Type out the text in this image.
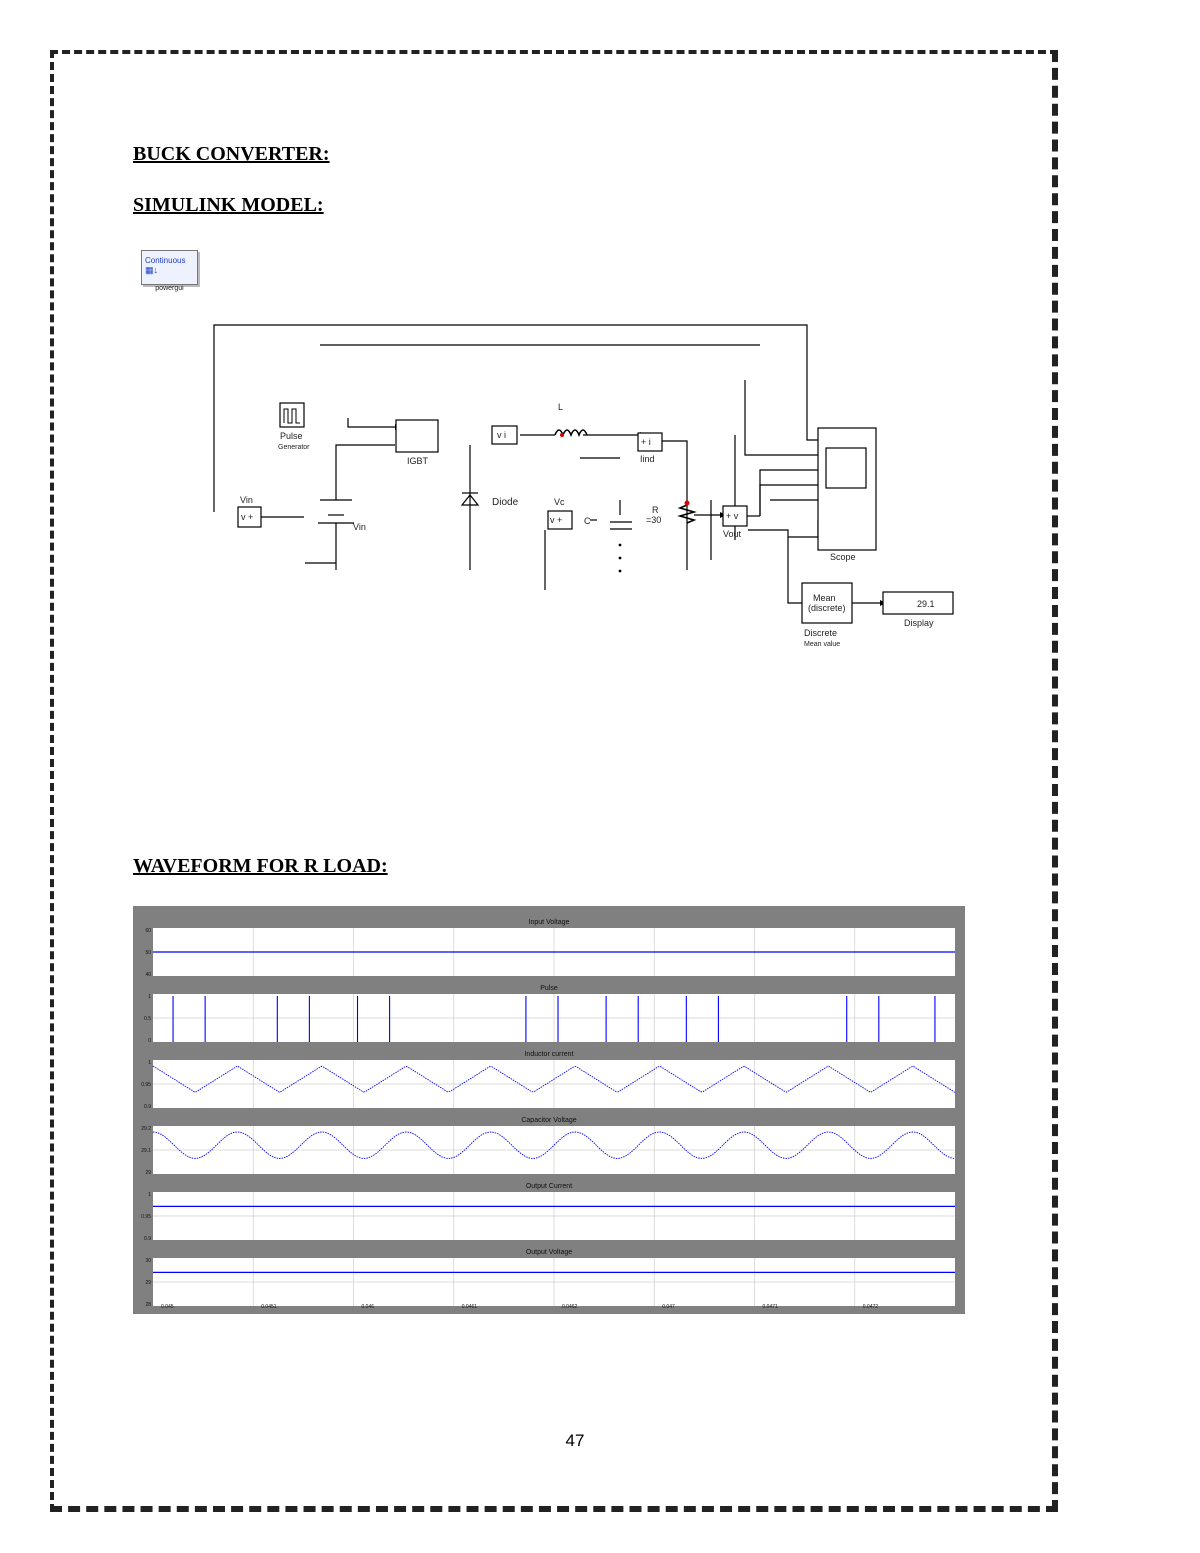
BUCK CONVERTER:
SIMULINK MODEL:
Continuous
▦↓
powergui
v i
+ i
v +	+ v
v +
Pulse
Generator
IGBT
Vin
Vin
L
Iind
Diode	Vc
C
R
=30
Vout
Scope
Mean
(discrete)
Discrete
Mean value
29.1
Display
WAVEFORM FOR R LOAD:
Input Voltage
60
50
40
Pulse
1
0.5
0
Inductor current
1
0.95
0.9
Capacitor Voltage
29.2
29.1
29
Output Current
1
0.95
0.9
Output Voltage
30
29
28 0.045	0.0451	0.046	0.0461	0.0462	0.047	0.0471	0.0472
47
